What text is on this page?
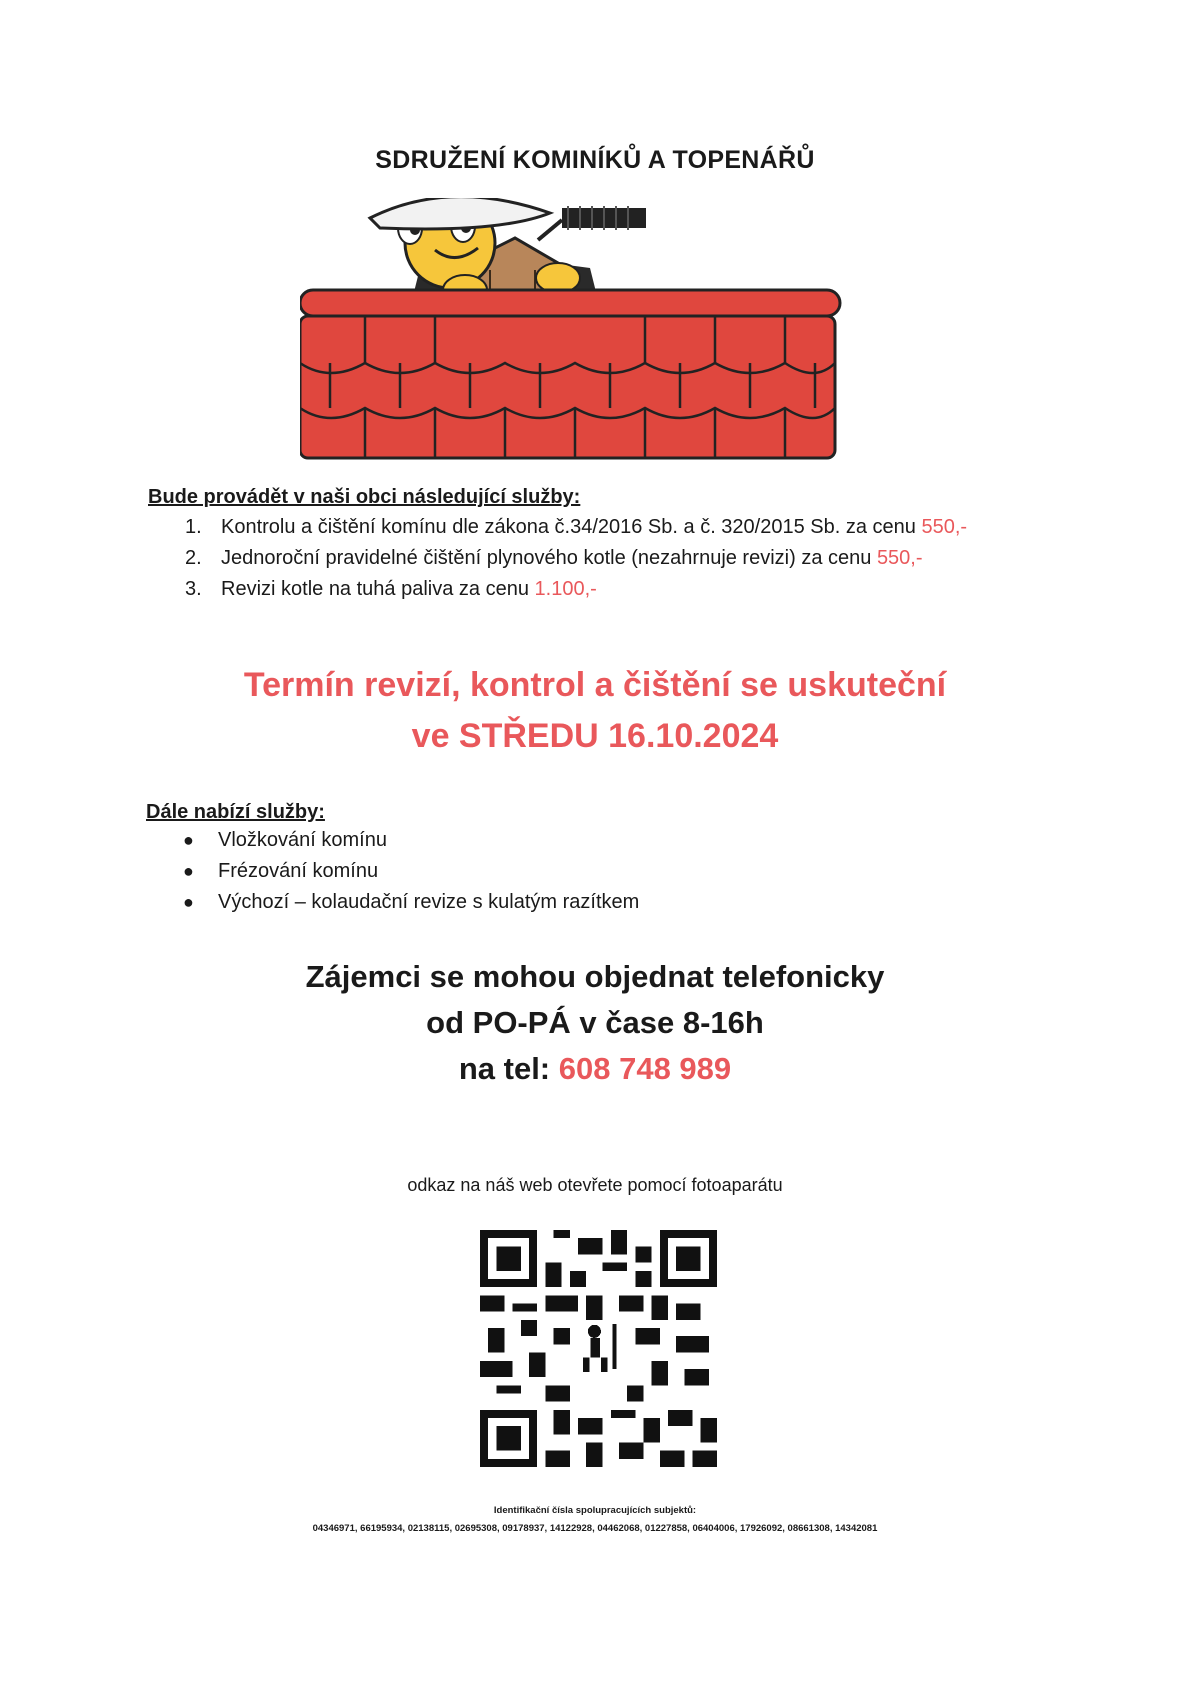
SDRUŽENÍ KOMINÍKŮ A TOPENÁŘŮ
Bude provádět v naši obci následující služby:
1. Kontrolu a čištění komínu dle zákona č.34/2016 Sb. a č. 320/2015 Sb. za cenu 550,-
2. Jednoroční pravidelné čištění plynového kotle (nezahrnuje revizi) za cenu 550,-
3. Revizi kotle na tuhá paliva za cenu 1.100,-
Termín revizí, kontrol a čištění se uskuteční
ve STŘEDU 16.10.2024
Dále nabízí služby:
● Vložkování komínu
● Frézování komínu
● Výchozí – kolaudační revize s kulatým razítkem
Zájemci se mohou objednat telefonicky
od PO-PÁ v čase 8-16h
na tel: 608 748 989
odkaz na náš web otevřete pomocí fotoaparátu
Identifikační čísla spolupracujících subjektů:
04346971, 66195934, 02138115, 02695308, 09178937, 14122928, 04462068, 01227858, 06404006, 17926092, 08661308, 14342081
